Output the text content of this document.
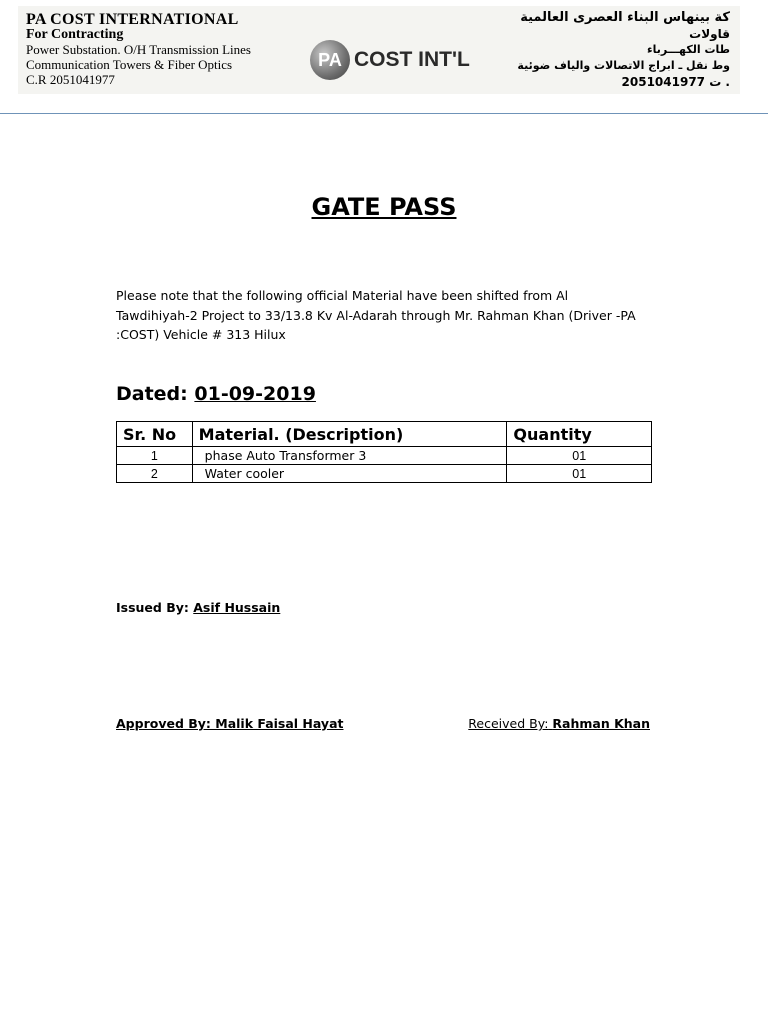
PA COST INTERNATIONAL
For Contracting
Power Substation. O/H Transmission Lines
Communication Towers & Fiber Optics
C.R 2051041977
PA COST INT'L
كة بينهاس البناء العصرى العالمية
قاولات
طات الكهـــرباء
وط نقل ـ ابراج الاتصالات والياف ضوئية
. ت 2051041977
GATE PASS
Please note that the following official Material have been shifted from Al
Tawdihiyah-2 Project to 33/13.8 Kv Al-Adarah through Mr. Rahman Khan (Driver -PA
:COST) Vehicle # 313 Hilux
Dated: 01-09-2019
Sr. No	Material. (Description)	Quantity
1	phase Auto Transformer 3	01
2	Water cooler	01
Issued By: Asif Hussain
Approved By: Malik Faisal Hayat	Received By: Rahman Khan
